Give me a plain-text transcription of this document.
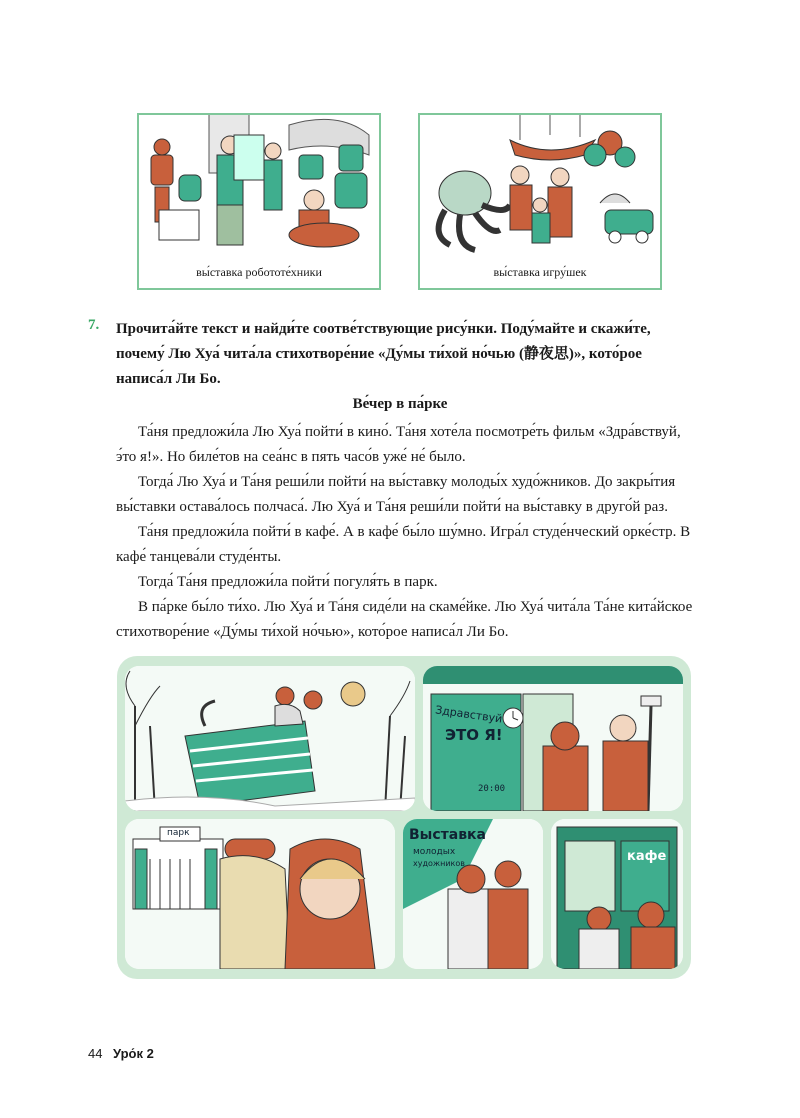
вы́ставка робототе́хники	вы́ставка игру́шек
7. Прочита́йте текст и найди́те соотве́тствующие рису́нки. Поду́майте и скажи́те, почему́ Лю Хуа́ чита́ла стихотворе́ние «Ду́мы ти́хой но́чью (静夜思)», кото́рое написа́л Ли Бо.
Ве́чер в па́рке
Та́ня предложи́ла Лю Хуа́ пойти́ в кино́. Та́ня хоте́ла посмотре́ть фильм «Здра́вствуй, э́то я!». Но биле́тов на сеа́нс в пять часо́в уже́ не́ было.
Тогда́ Лю Хуа́ и Та́ня реши́ли пойти́ на вы́ставку молоды́х худо́жников. До закры́тия вы́ставки остава́лось полчаса́. Лю Хуа́ и Та́ня реши́ли пойти́ на вы́ставку в друго́й раз.
Та́ня предложи́ла пойти́ в кафе́. А в кафе́ бы́ло шу́мно. Игра́л студе́нческий орке́стр. В кафе́ танцева́ли студе́нты.
Тогда́ Та́ня предложи́ла пойти́ погуля́ть в парк.
В па́рке бы́ло ти́хо. Лю Хуа́ и Та́ня сиде́ли на скаме́йке. Лю Хуа́ чита́ла Та́не кита́йское стихотворе́ние «Ду́мы ти́хой но́чью», кото́рое написа́л Ли Бо.
Здравствуй
ЭТО Я!
20:00
парк	Выставка
молодых
художников	кафе
44 Уро́к 2
